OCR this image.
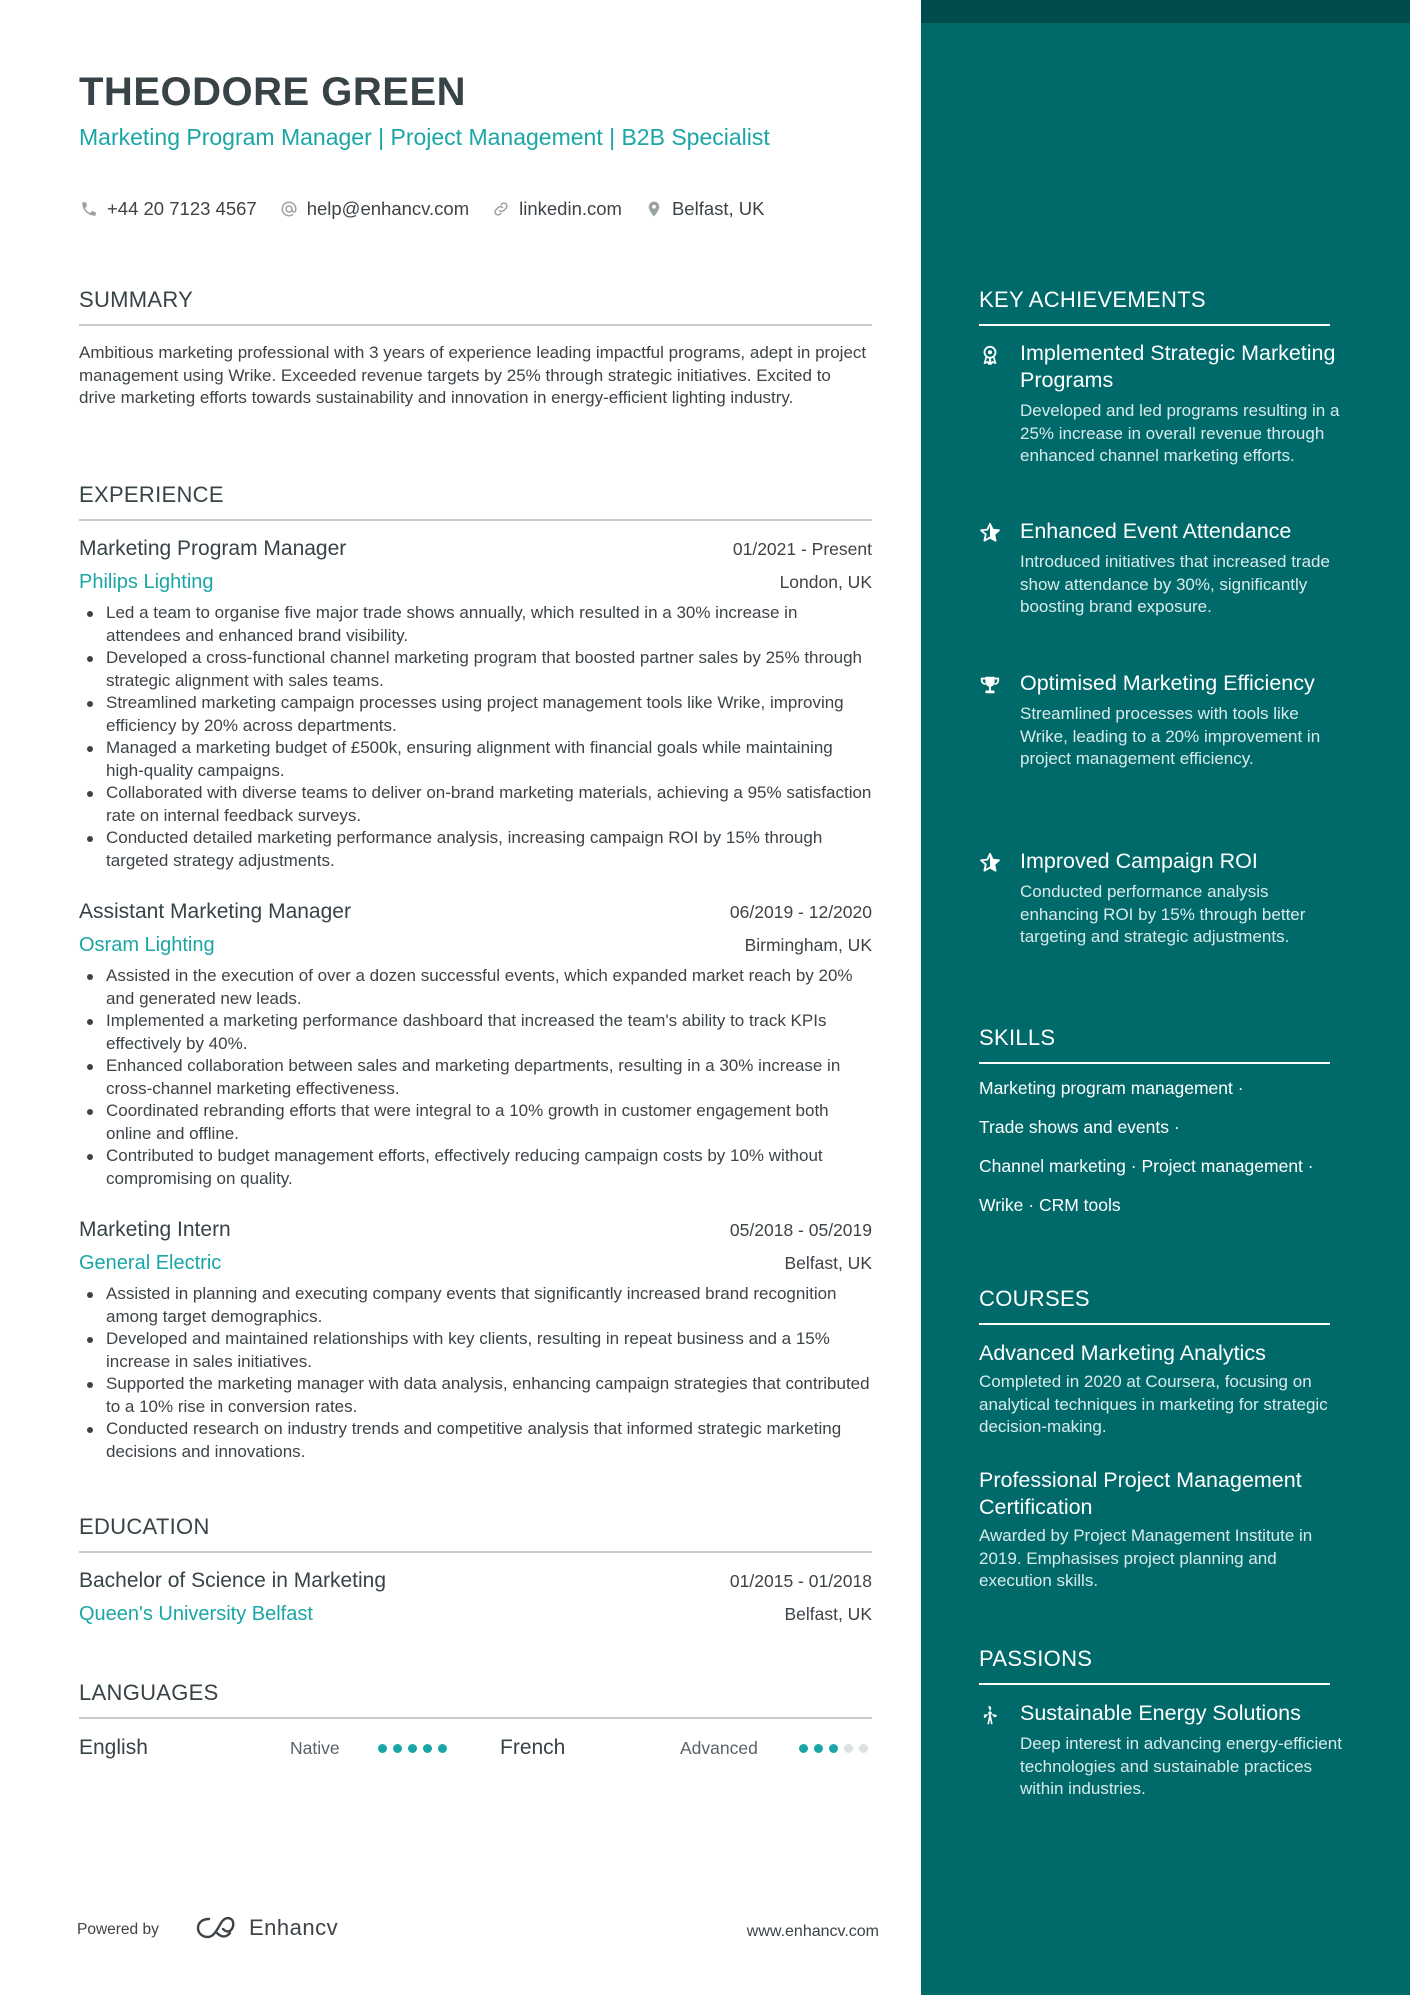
THEODORE GREEN
Marketing Program Manager | Project Management | B2B Specialist
+44 20 7123 4567	help@enhancv.com	linkedin.com	Belfast, UK
SUMMARY
Ambitious marketing professional with 3 years of experience leading impactful programs, adept in project management using Wrike. Exceeded revenue targets by 25% through strategic initiatives. Excited to drive marketing efforts towards sustainability and innovation in energy-efficient lighting industry.
EXPERIENCE
Marketing Program Manager	01/2021 - Present
Philips Lighting	London, UK
Led a team to organise five major trade shows annually, which resulted in a 30% increase in attendees and enhanced brand visibility.
Developed a cross-functional channel marketing program that boosted partner sales by 25% through strategic alignment with sales teams.
Streamlined marketing campaign processes using project management tools like Wrike, improving efficiency by 20% across departments.
Managed a marketing budget of £500k, ensuring alignment with financial goals while maintaining high-quality campaigns.
Collaborated with diverse teams to deliver on-brand marketing materials, achieving a 95% satisfaction rate on internal feedback surveys.
Conducted detailed marketing performance analysis, increasing campaign ROI by 15% through targeted strategy adjustments.
Assistant Marketing Manager	06/2019 - 12/2020
Osram Lighting	Birmingham, UK
Assisted in the execution of over a dozen successful events, which expanded market reach by 20% and generated new leads.
Implemented a marketing performance dashboard that increased the team's ability to track KPIs effectively by 40%.
Enhanced collaboration between sales and marketing departments, resulting in a 30% increase in cross-channel marketing effectiveness.
Coordinated rebranding efforts that were integral to a 10% growth in customer engagement both online and offline.
Contributed to budget management efforts, effectively reducing campaign costs by 10% without compromising on quality.
Marketing Intern	05/2018 - 05/2019
General Electric	Belfast, UK
Assisted in planning and executing company events that significantly increased brand recognition among target demographics.
Developed and maintained relationships with key clients, resulting in repeat business and a 15% increase in sales initiatives.
Supported the marketing manager with data analysis, enhancing campaign strategies that contributed to a 10% rise in conversion rates.
Conducted research on industry trends and competitive analysis that informed strategic marketing decisions and innovations.
EDUCATION
Bachelor of Science in Marketing	01/2015 - 01/2018
Queen's University Belfast	Belfast, UK
LANGUAGES
English	Native	French	Advanced
Powered by	Enhancv	www.enhancv.com
KEY ACHIEVEMENTS
Implemented Strategic Marketing Programs
Developed and led programs resulting in a 25% increase in overall revenue through enhanced channel marketing efforts.
Enhanced Event Attendance
Introduced initiatives that increased trade show attendance by 30%, significantly boosting brand exposure.
Optimised Marketing Efficiency
Streamlined processes with tools like Wrike, leading to a 20% improvement in project management efficiency.
Improved Campaign ROI
Conducted performance analysis enhancing ROI by 15% through better targeting and strategic adjustments.
SKILLS
Marketing program management ·
Trade shows and events ·
Channel marketing · Project management ·
Wrike · CRM tools
COURSES
Advanced Marketing Analytics
Completed in 2020 at Coursera, focusing on analytical techniques in marketing for strategic decision-making.
Professional Project Management Certification
Awarded by Project Management Institute in 2019. Emphasises project planning and execution skills.
PASSIONS
Sustainable Energy Solutions
Deep interest in advancing energy-efficient technologies and sustainable practices within industries.
